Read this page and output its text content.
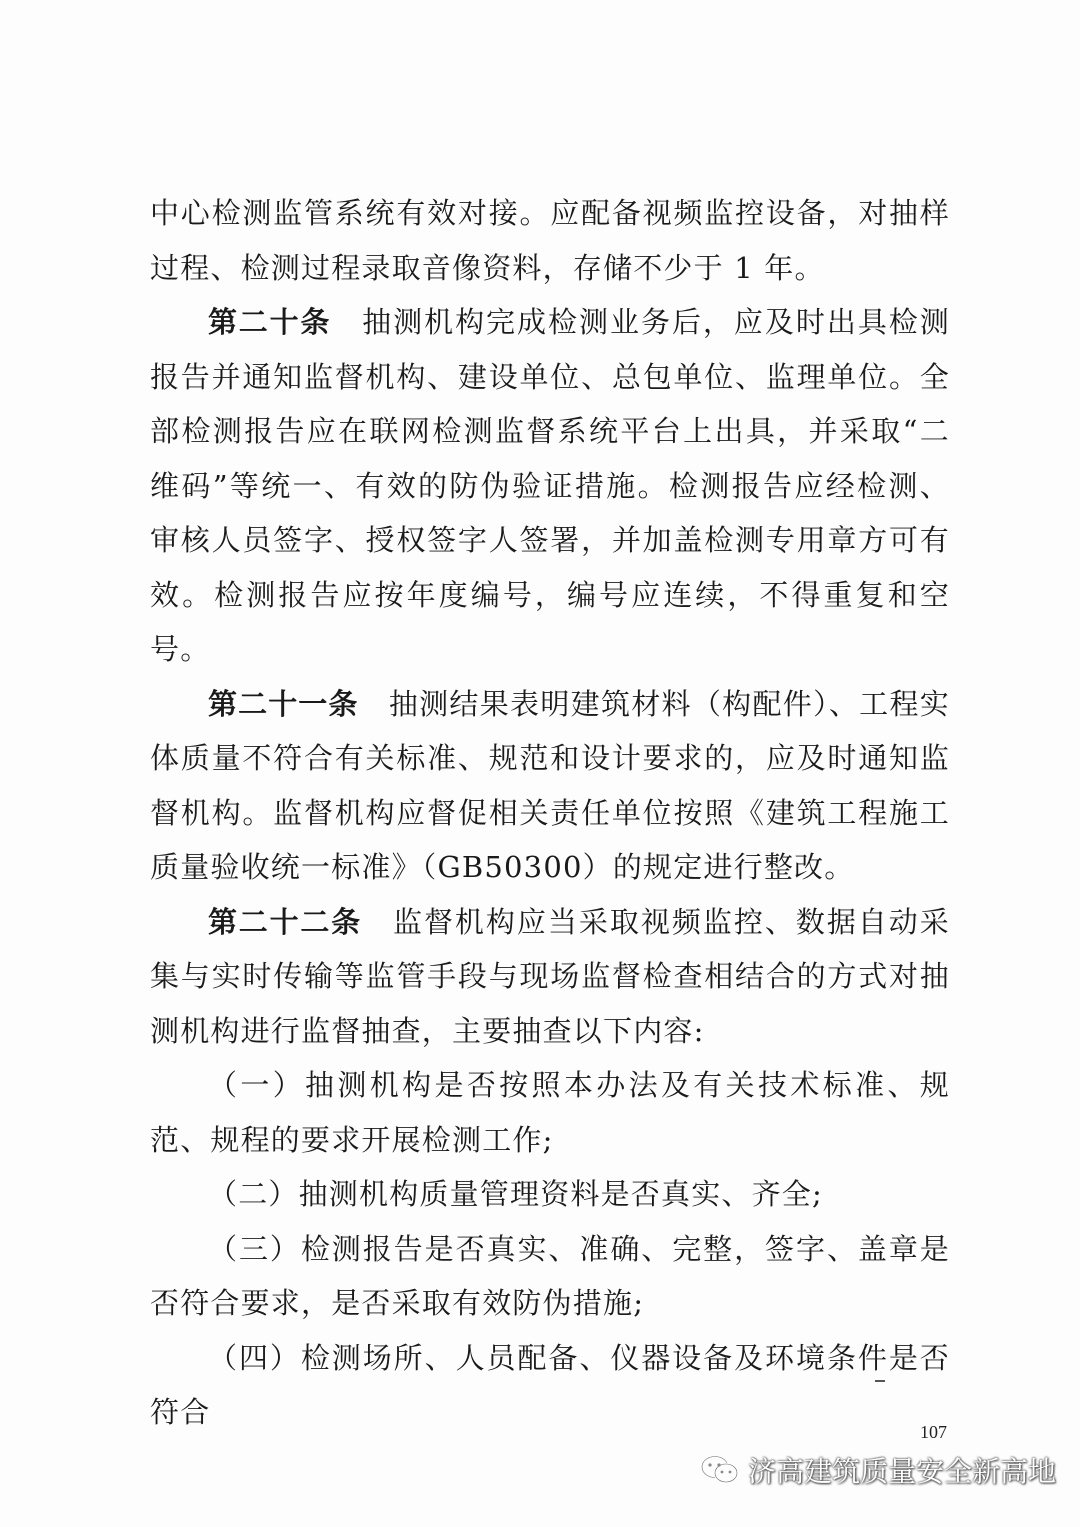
中心检测监管系统有效对接。应配备视频监控设备，对抽样过程、检测过程录取音像资料，存储不少于 1 年。

第二十条　 抽测机构完成检测业务后，应及时出具检测报告并通知监督机构、建设单位、总包单位、监理单位。全部检测报告应在联网检测监督系统平台上出具，并采取“二维码”等统一、有效的防伪验证措施。检测报告应经检测、审核人员签字、授权签字人签署，并加盖检测专用章方可有效。检测报告应按年度编号，编号应连续，不得重复和空号。

第二十一条　 抽测结果表明建筑材料（构配件）、工程实体质量不符合有关标准、规范和设计要求的，应及时通知监督机构。监督机构应督促相关责任单位按照《建筑工程施工质量验收统一标准》（GB50300）的规定进行整改。

第二十二条　 监督机构应当采取视频监控、数据自动采集与实时传输等监管手段与现场监督检查相结合的方式对抽测机构进行监督抽查，主要抽查以下内容:

（一）抽测机构是否按照本办法及有关技术标准、规范、规程的要求开展检测工作;

（二）抽测机构质量管理资料是否真实、齐全;

（三）检测报告是否真实、准确、完整，签字、盖章是否符合要求，是否采取有效防伪措施;

（四）检测场所、人员配备、仪器设备及环境条件是否符合

107
济高建筑质量安全新高地
